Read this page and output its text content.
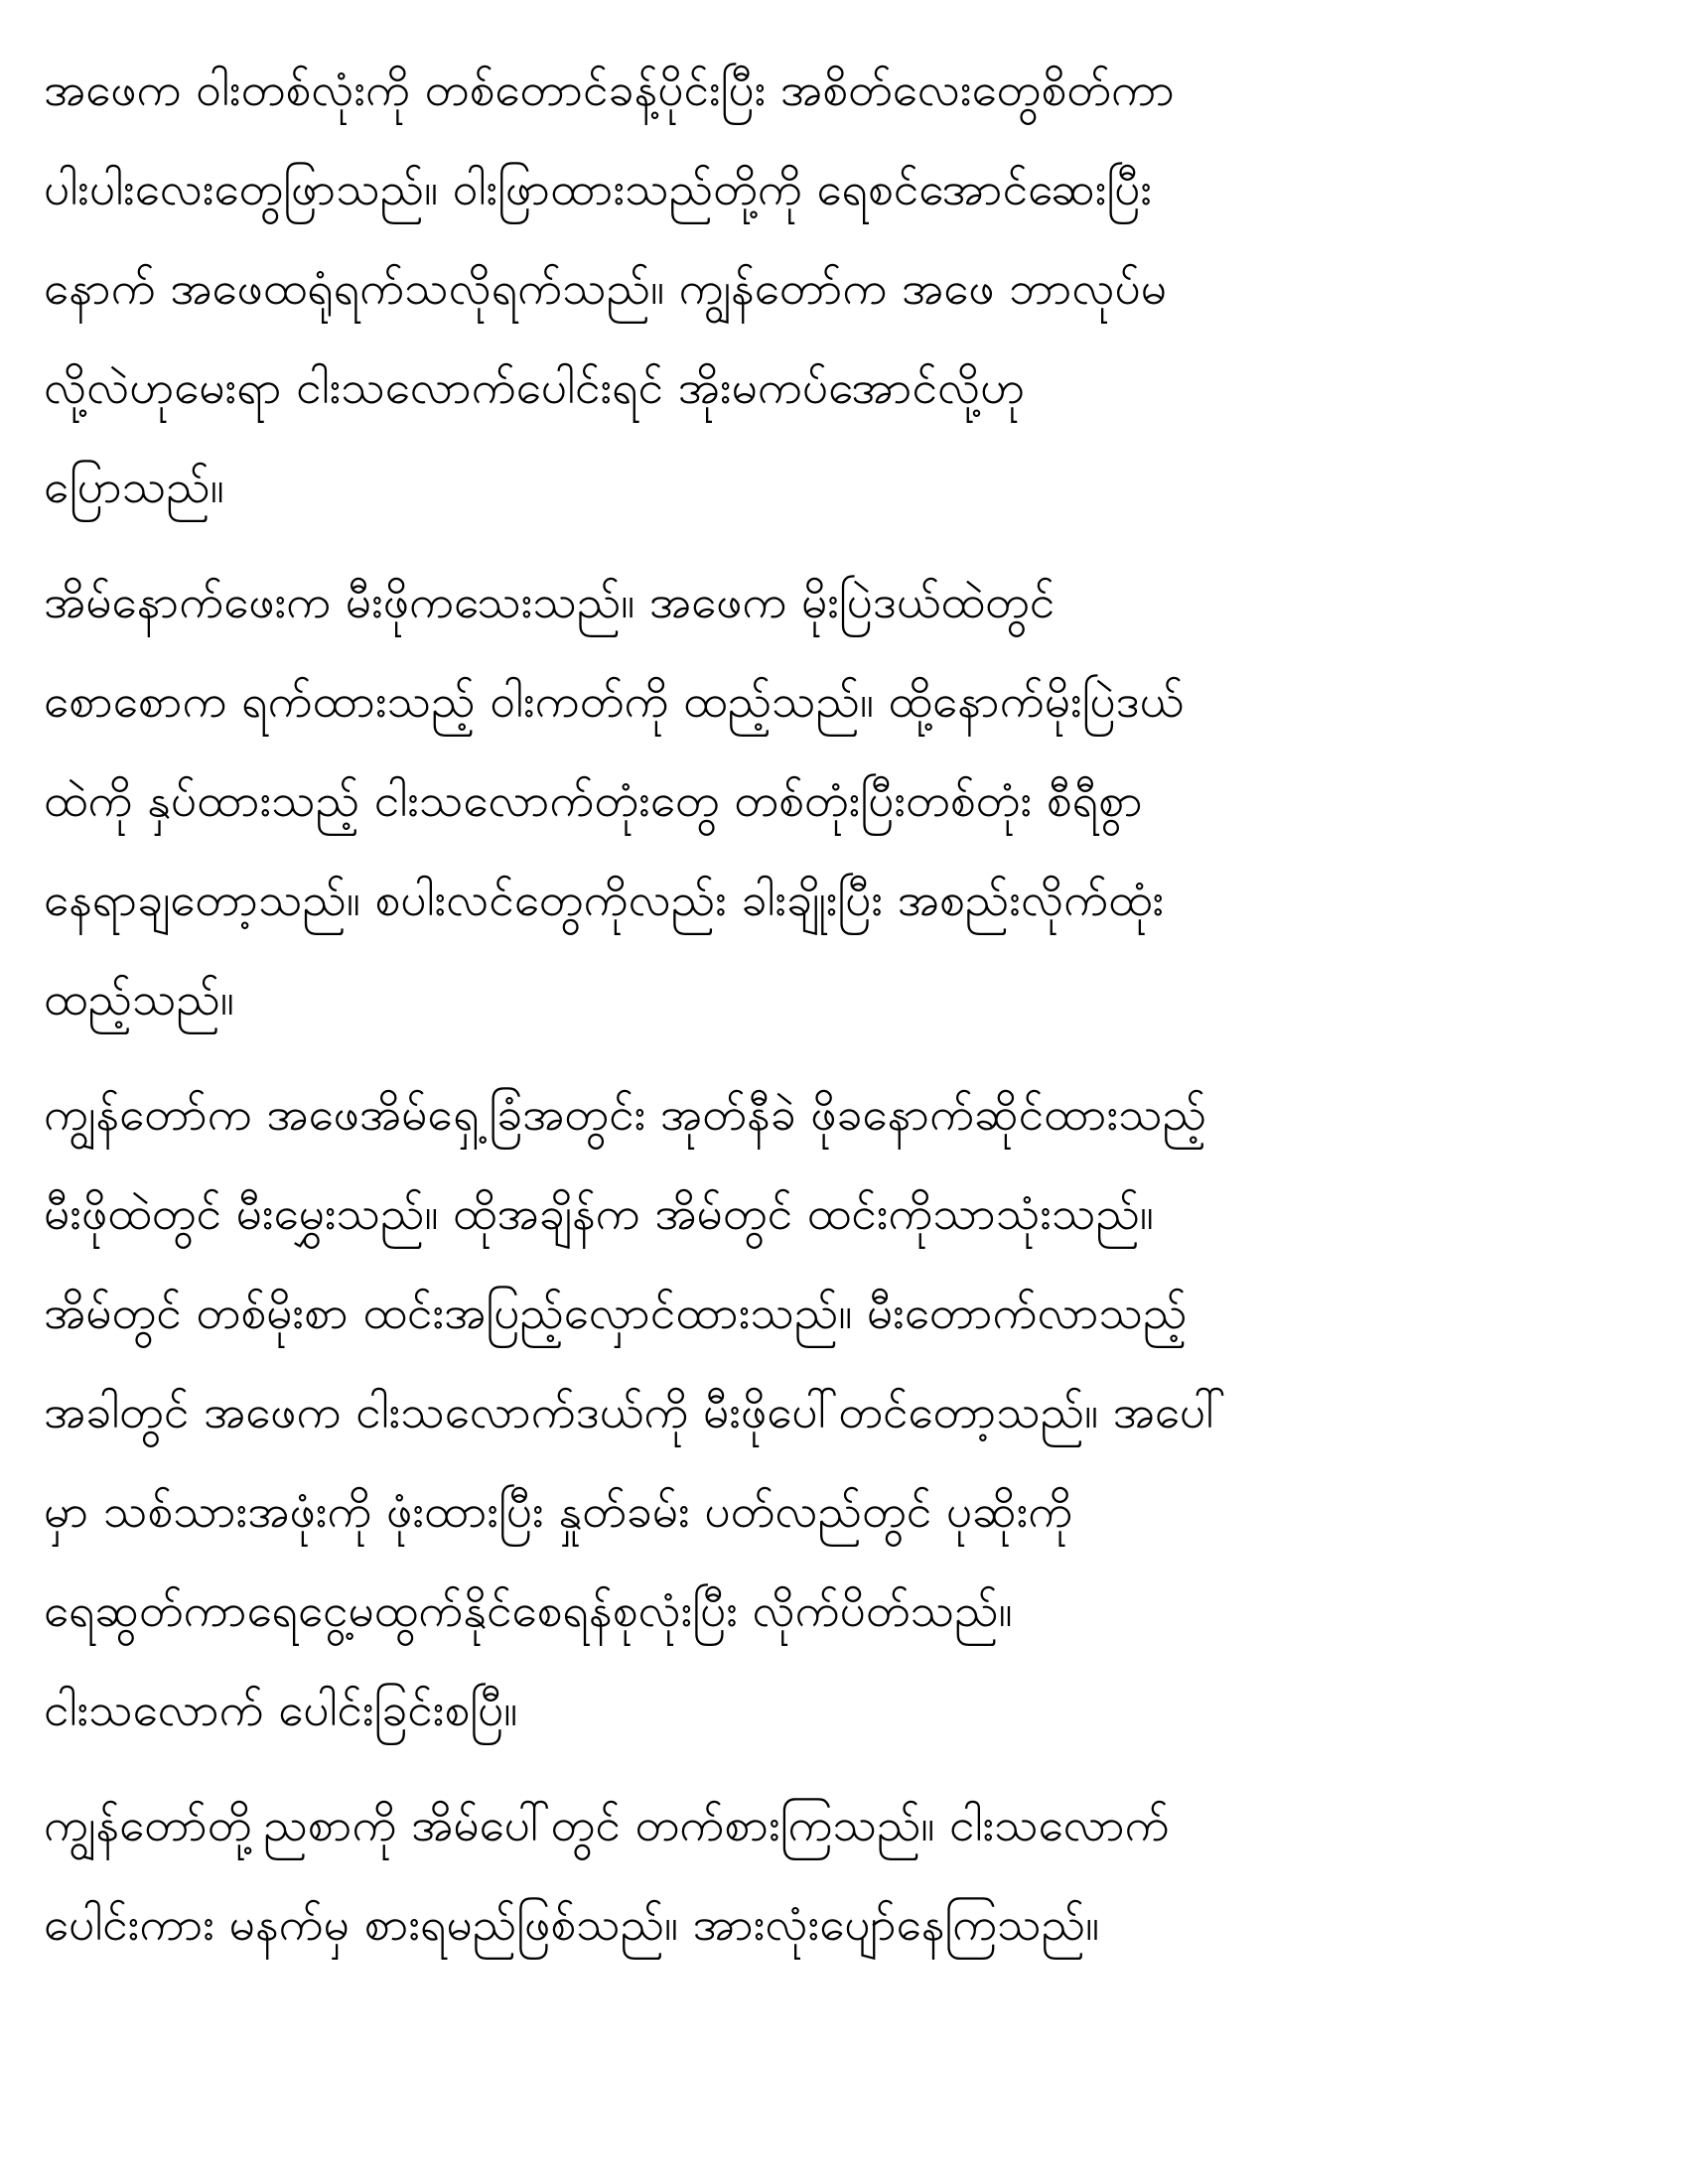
အဖေက ဝါးတစ်လုံးကို တစ်တောင်ခန့်ပိုင်းပြီး အစိတ်လေးတွေစိတ်ကာ
ပါးပါးလေးတွေဖြာသည်။ ဝါးဖြာထားသည်တို့ကို ရေစင်အောင်ဆေးပြီး
နောက် အဖေထရုံရက်သလိုရက်သည်။ ကျွန်တော်က အဖေ ဘာလုပ်မ
လို့လဲဟုမေးရာ ငါးသလောက်ပေါင်းရင် အိုးမကပ်အောင်လို့ဟု
ပြောသည်။
အိမ်နောက်ဖေးက မီးဖိုကသေးသည်။ အဖေက မိုးပြဲဒယ်ထဲတွင်
စောစောက ရက်ထားသည့် ဝါးကတ်ကို ထည့်သည်။ ထို့နောက်မိုးပြဲဒယ်
ထဲကို နှပ်ထားသည့် ငါးသလောက်တုံးတွေ တစ်တုံးပြီးတစ်တုံး စီရီစွာ
နေရာချတော့သည်။ စပါးလင်တွေကိုလည်း ခါးချိုးပြီး အစည်းလိုက်ထုံး
ထည့်သည်။
ကျွန်တော်က အဖေအိမ်ရှေ့ခြံအတွင်း အုတ်နီခဲ ဖိုခနောက်ဆိုင်ထားသည့်
မီးဖိုထဲတွင် မီးမွှေးသည်။ ထိုအချိန်က အိမ်တွင် ထင်းကိုသာသုံးသည်။
အိမ်တွင် တစ်မိုးစာ ထင်းအပြည့်လှောင်ထားသည်။ မီးတောက်လာသည့်
အခါတွင် အဖေက ငါးသလောက်ဒယ်ကို မီးဖိုပေါ်တင်တော့သည်။ အပေါ်
မှာ သစ်သားအဖုံးကို ဖုံးထားပြီး နှုတ်ခမ်း ပတ်လည်တွင် ပုဆိုးကို
ရေဆွတ်ကာရေငွေ့မထွက်နိုင်စေရန်စုလုံးပြီး လိုက်ပိတ်သည်။
ငါးသလောက် ပေါင်းခြင်းစပြီ။
ကျွန်တော်တို့ညစာကို အိမ်ပေါ်တွင် တက်စားကြသည်။ ငါးသလောက်
ပေါင်းကား မနက်မှ စားရမည်ဖြစ်သည်။ အားလုံးပျော်နေကြသည်။
